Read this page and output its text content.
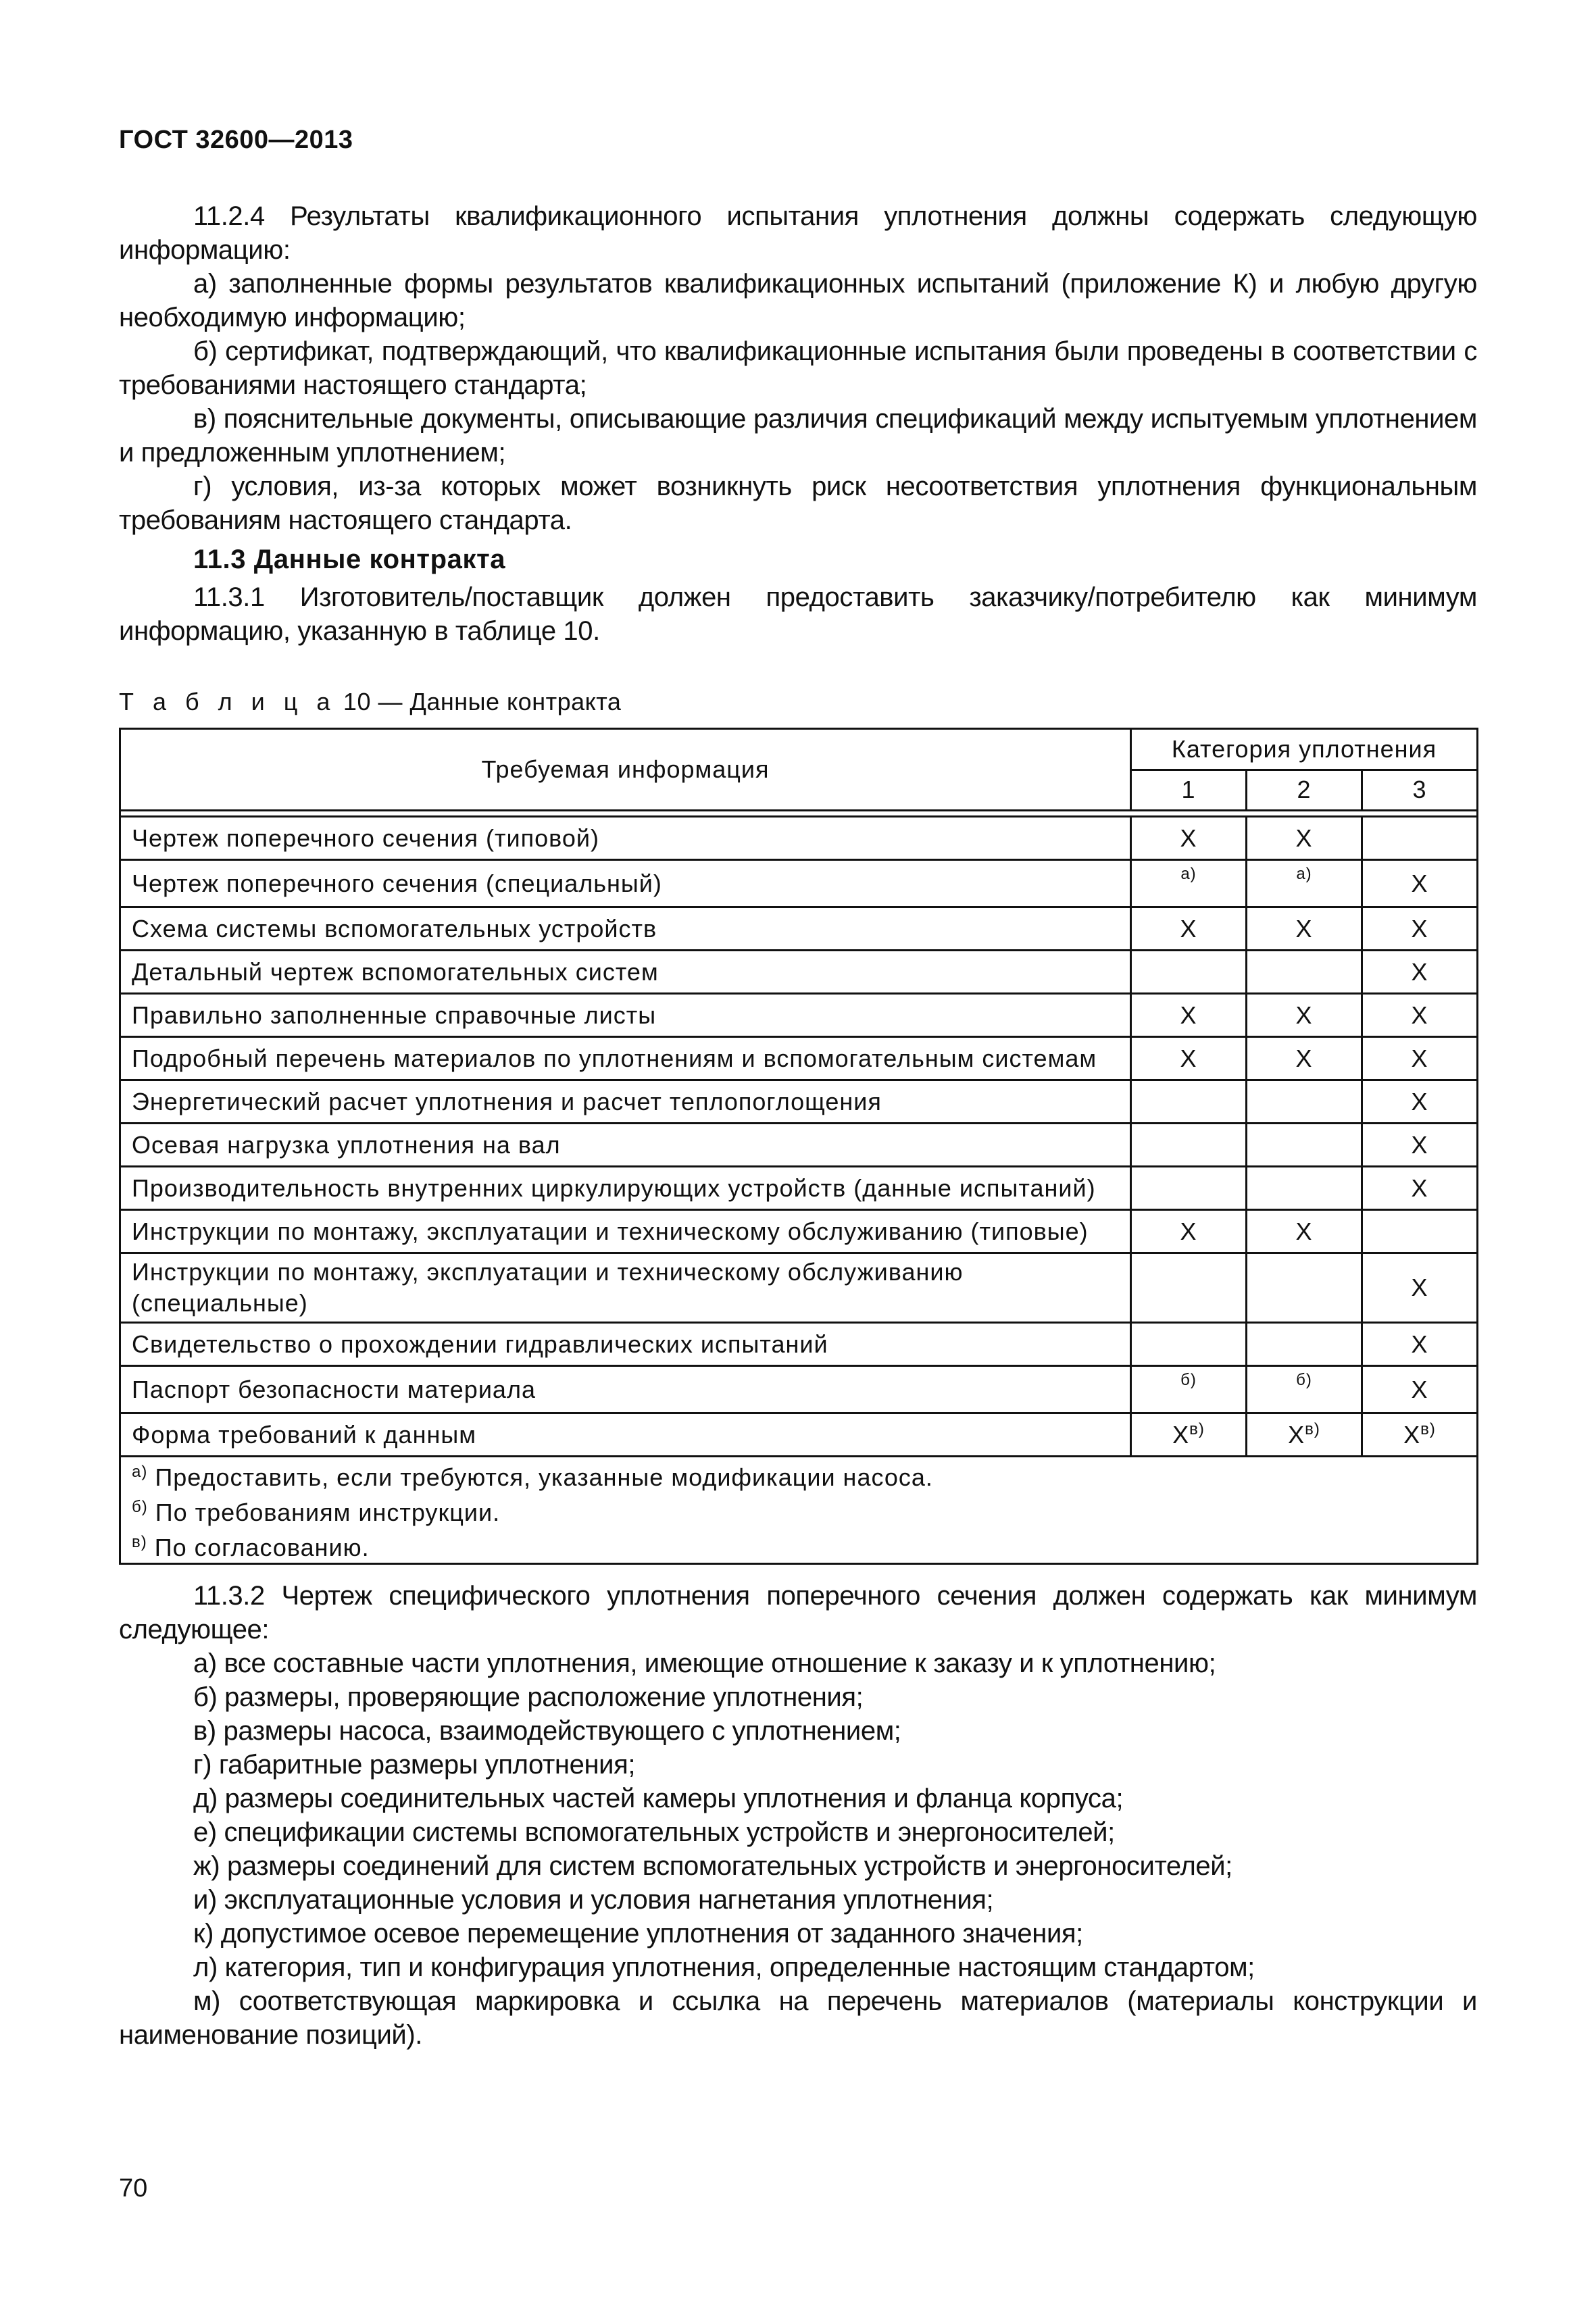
ГОСТ 32600—2013

11.2.4 Результаты квалификационного испытания уплотнения должны содержать следующую информацию:

а) заполненные формы результатов квалификационных испытаний (приложение К) и любую другую необходимую информацию;

б) сертификат, подтверждающий, что квалификационные испытания были проведены в соответствии с требованиями настоящего стандарта;

в) пояснительные документы, описывающие различия спецификаций между испытуемым уплотнением и предложенным уплотнением;

г) условия, из-за которых может возникнуть риск несоответствия уплотнения функциональным требованиям настоящего стандарта.

11.3 Данные контракта

11.3.1 Изготовитель/поставщик должен предоставить заказчику/потребителю как минимум информацию, указанную в таблице 10.

Т а б л и ц а 10 — Данные контракта
Требуемая информация	Категория уплотнения		
	1	2	3

Чертеж поперечного сечения (типовой)	X	X	
Чертеж поперечного сечения (специальный)	а)	а)	X
Схема системы вспомогательных устройств	X	X	X
Детальный чертеж вспомогательных систем			X
Правильно заполненные справочные листы	X	X	X
Подробный перечень материалов по уплотнениям и вспомогательным системам	X	X	X
Энергетический расчет уплотнения и расчет теплопоглощения			X
Осевая нагрузка уплотнения на вал			X
Производительность внутренних циркулирующих устройств (данные испытаний)			X
Инструкции по монтажу, эксплуатации и техническому обслуживанию (типовые)	X	X	
Инструкции по монтажу, эксплуатации и техническому обслуживанию (специальные)			X
Свидетельство о прохождении гидравлических испытаний			X
Паспорт безопасности материала	б)	б)	X
Форма требований к данным	$X^{в)}$	$X^{в)}$	$X^{в)}$

$^{а)}$ Предоставить, если требуются, указанные модификации насоса.
$^{б)}$ По требованиям инструкции.
$^{в)}$ По согласованию.			

11.3.2 Чертеж специфического уплотнения поперечного сечения должен содержать как минимум следующее:

а) все составные части уплотнения, имеющие отношение к заказу и к уплотнению;

б) размеры, проверяющие расположение уплотнения;

в) размеры насоса, взаимодействующего с уплотнением;

г) габаритные размеры уплотнения;

д) размеры соединительных частей камеры уплотнения и фланца корпуса;

е) спецификации системы вспомогательных устройств и энергоносителей;

ж) размеры соединений для систем вспомогательных устройств и энергоносителей;

и) эксплуатационные условия и условия нагнетания уплотнения;

к) допустимое осевое перемещение уплотнения от заданного значения;

л) категория, тип и конфигурация уплотнения, определенные настоящим стандартом;

м) соответствующая маркировка и ссылка на перечень материалов (материалы конструкции и наименование позиций).

70
